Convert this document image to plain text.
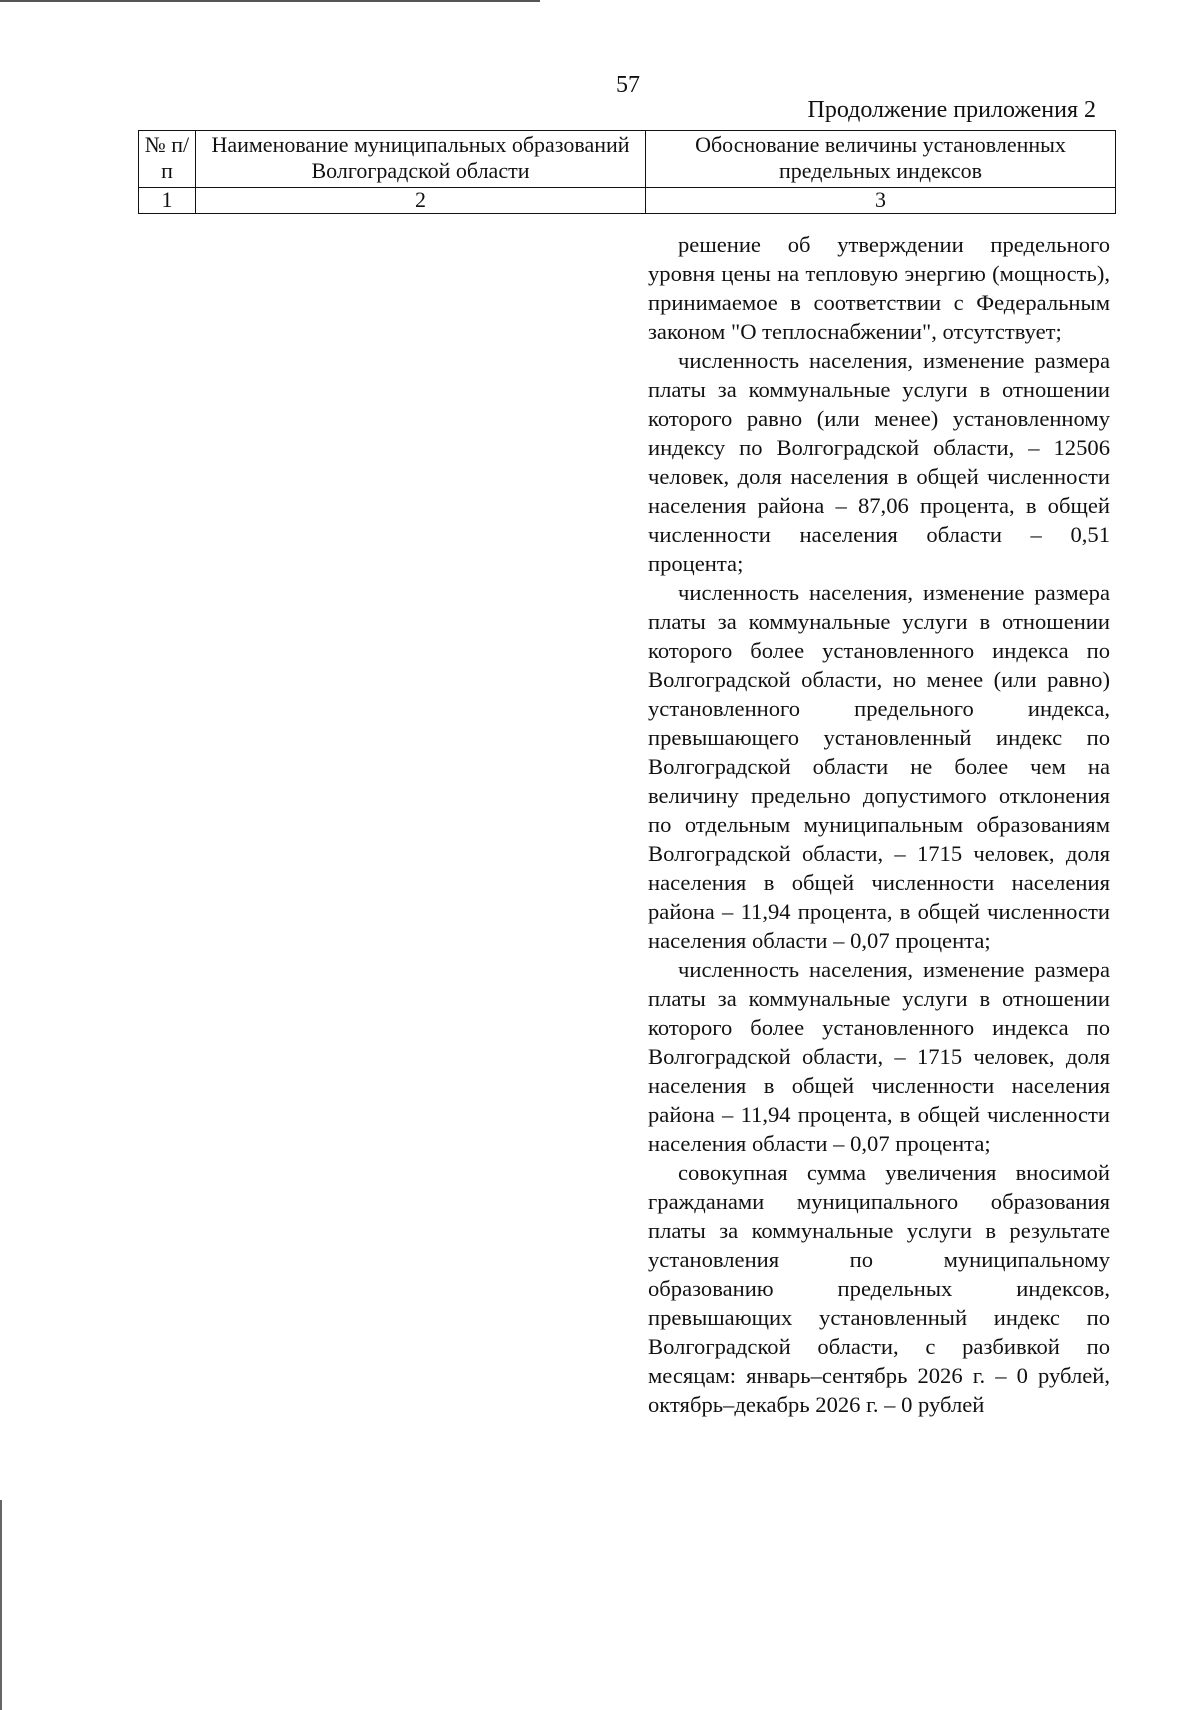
57
Продолжение приложения 2
№ п/п	Наименование муниципальных образований Волгоградской области	Обоснование величины установленных предельных индексов
1	2	3

решение об утверждении предельного уровня цены на тепловую энергию (мощность), принимаемое в соответствии с Федеральным законом "О теплоснабжении", отсутствует;

численность населения, изменение размера платы за коммунальные услуги в отношении которого равно (или менее) установленному индексу по Волгоградской области, – 12506 человек, доля населения в общей численности населения района – 87,06 процента, в общей численности населения области – 0,51 процента;

численность населения, изменение размера платы за коммунальные услуги в отношении которого более установленного индекса по Волгоградской области, но менее (или равно) установленного предельного индекса, превышающего установленный индекс по Волгоградской области не более чем на величину предельно допустимого отклонения по отдельным муниципальным образованиям Волгоградской области, – 1715 человек, доля населения в общей численности населения района – 11,94 процента, в общей численности населения области – 0,07 процента;

численность населения, изменение размера платы за коммунальные услуги в отношении которого более установленного индекса по Волгоградской области, – 1715 человек, доля населения в общей численности населения района – 11,94 процента, в общей численности населения области – 0,07 процента;

совокупная сумма увеличения вносимой гражданами муниципального образования платы за коммунальные услуги в результате установления по муниципальному образованию предельных индексов, превышающих установленный индекс по Волгоградской области, с разбивкой по месяцам: январь–сентябрь 2026 г. – 0 рублей, октябрь–декабрь 2026 г. – 0 рублей
